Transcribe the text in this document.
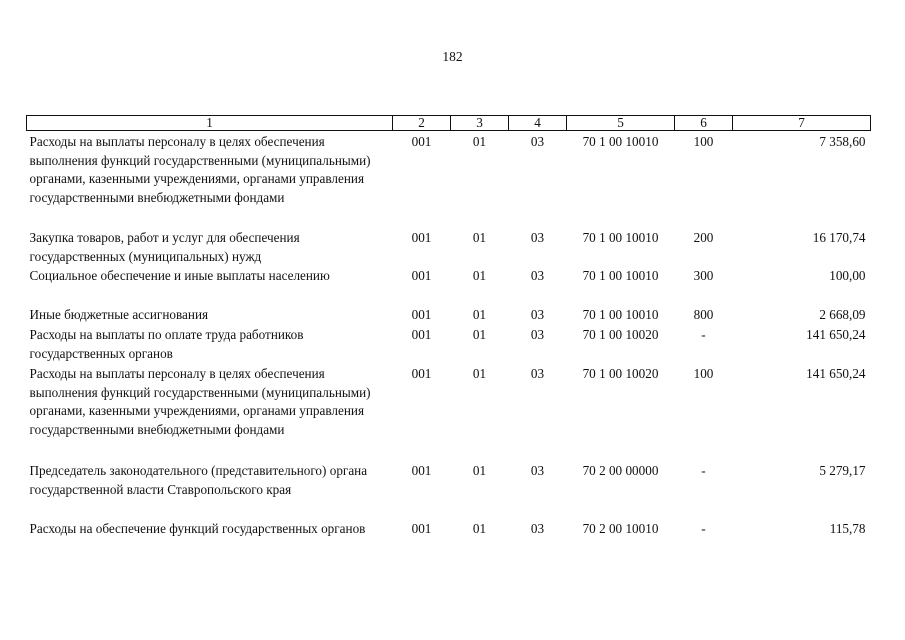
182
1	2	3	4	5	6	7
Расходы на выплаты персоналу в целях обеспечения выполнения функций государственными (муниципальными) органами, казенными учреждениями, органами управления государственными внебюджетными фондами	001	01	03	70 1 00 10010	100	7 358,60
Закупка товаров, работ и услуг для обеспечения государственных (муниципальных) нужд	001	01	03	70 1 00 10010	200	16 170,74
Социальное обеспечение и иные выплаты населению	001	01	03	70 1 00 10010	300	100,00
Иные бюджетные ассигнования	001	01	03	70 1 00 10010	800	2 668,09
Расходы на выплаты по оплате труда работников государственных органов	001	01	03	70 1 00 10020	-	141 650,24
Расходы на выплаты персоналу в целях обеспечения выполнения функций государственными (муниципальными) органами, казенными учреждениями, органами управления государственными внебюджетными фондами	001	01	03	70 1 00 10020	100	141 650,24
Председатель законодательного (представительного) органа государственной власти Ставропольского края	001	01	03	70 2 00 00000	-	5 279,17
Расходы на обеспечение функций государственных органов	001	01	03	70 2 00 10010	-	115,78
